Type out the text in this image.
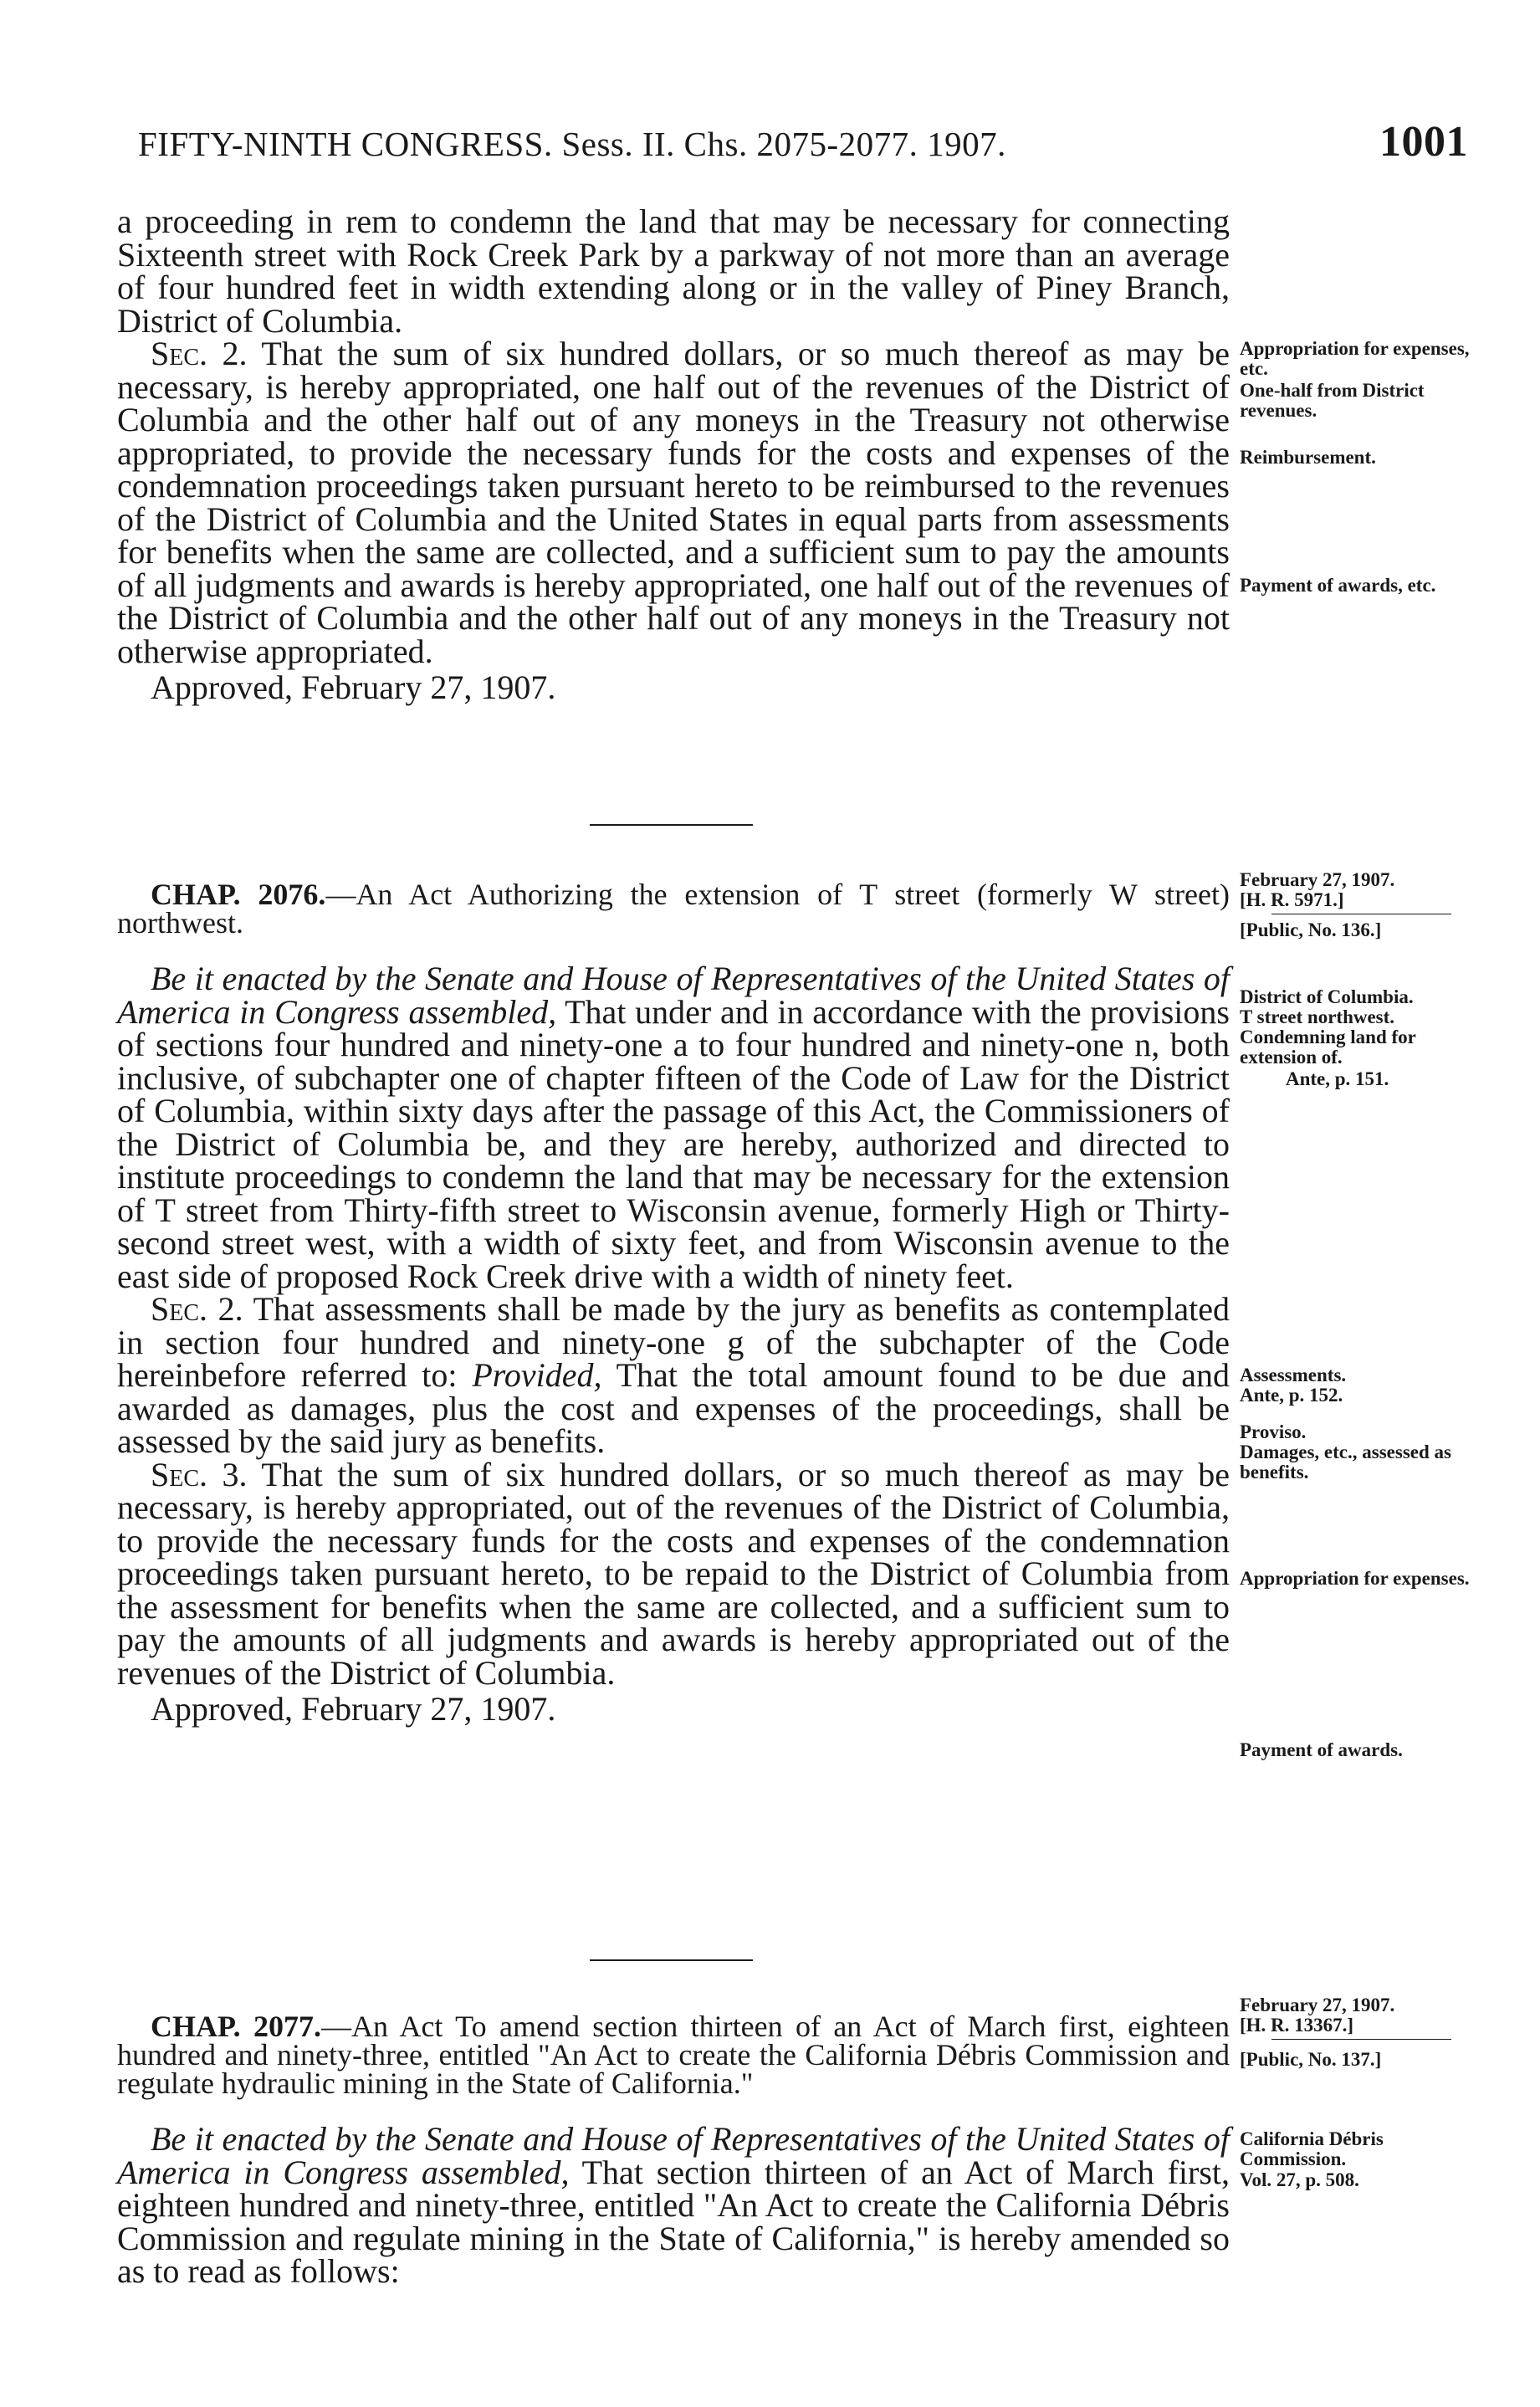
FIFTY-NINTH CONGRESS. Sess. II. Chs. 2075-2077. 1907.	1001

a proceeding in rem to condemn the land that may be necessary for connecting Sixteenth street with Rock Creek Park by a parkway of not more than an average of four hundred feet in width extending along or in the valley of Piney Branch, District of Columbia.

Sec. 2. That the sum of six hundred dollars, or so much thereof as may be necessary, is hereby appropriated, one half out of the revenues of the District of Columbia and the other half out of any moneys in the Treasury not otherwise appropriated, to provide the necessary funds for the costs and expenses of the condemnation proceedings taken pursuant hereto to be reimbursed to the revenues of the District of Columbia and the United States in equal parts from assessments for benefits when the same are collected, and a sufficient sum to pay the amounts of all judgments and awards is hereby appropriated, one half out of the revenues of the District of Columbia and the other half out of any moneys in the Treasury not otherwise appropriated.

Approved, February 27, 1907.

Appropriation for expenses, etc.
One-half from District revenues.
Reimbursement.
Payment of awards, etc.

CHAP. 2076.—An Act Authorizing the extension of T street (formerly W street) northwest.

Be it enacted by the Senate and House of Representatives of the United States of America in Congress assembled, That under and in accordance with the provisions of sections four hundred and ninety-one a to four hundred and ninety-one n, both inclusive, of subchapter one of chapter fifteen of the Code of Law for the District of Columbia, within sixty days after the passage of this Act, the Commissioners of the District of Columbia be, and they are hereby, authorized and directed to institute proceedings to condemn the land that may be necessary for the extension of T street from Thirty-fifth street to Wisconsin avenue, formerly High or Thirty-second street west, with a width of sixty feet, and from Wisconsin avenue to the east side of proposed Rock Creek drive with a width of ninety feet.

Sec. 2. That assessments shall be made by the jury as benefits as contemplated in section four hundred and ninety-one g of the subchapter of the Code hereinbefore referred to: Provided, That the total amount found to be due and awarded as damages, plus the cost and expenses of the proceedings, shall be assessed by the said jury as benefits.

Sec. 3. That the sum of six hundred dollars, or so much thereof as may be necessary, is hereby appropriated, out of the revenues of the District of Columbia, to provide the necessary funds for the costs and expenses of the condemnation proceedings taken pursuant hereto, to be repaid to the District of Columbia from the assessment for benefits when the same are collected, and a sufficient sum to pay the amounts of all judgments and awards is hereby appropriated out of the revenues of the District of Columbia.

Approved, February 27, 1907.

February 27, 1907.
[H. R. 5971.]
[Public, No. 136.]
District of Columbia.
T street northwest.
Condemning land for extension of.
Ante, p. 151.
Assessments.
Ante, p. 152.
Proviso.
Damages, etc., assessed as benefits.
Appropriation for expenses.
Payment of awards.

CHAP. 2077.—An Act To amend section thirteen of an Act of March first, eighteen hundred and ninety-three, entitled "An Act to create the California Débris Commission and regulate hydraulic mining in the State of California."

Be it enacted by the Senate and House of Representatives of the United States of America in Congress assembled, That section thirteen of an Act of March first, eighteen hundred and ninety-three, entitled "An Act to create the California Débris Commission and regulate mining in the State of California," is hereby amended so as to read as follows:

February 27, 1907.
[H. R. 13367.]
[Public, No. 137.]
California Débris Commission.
Vol. 27, p. 508.
